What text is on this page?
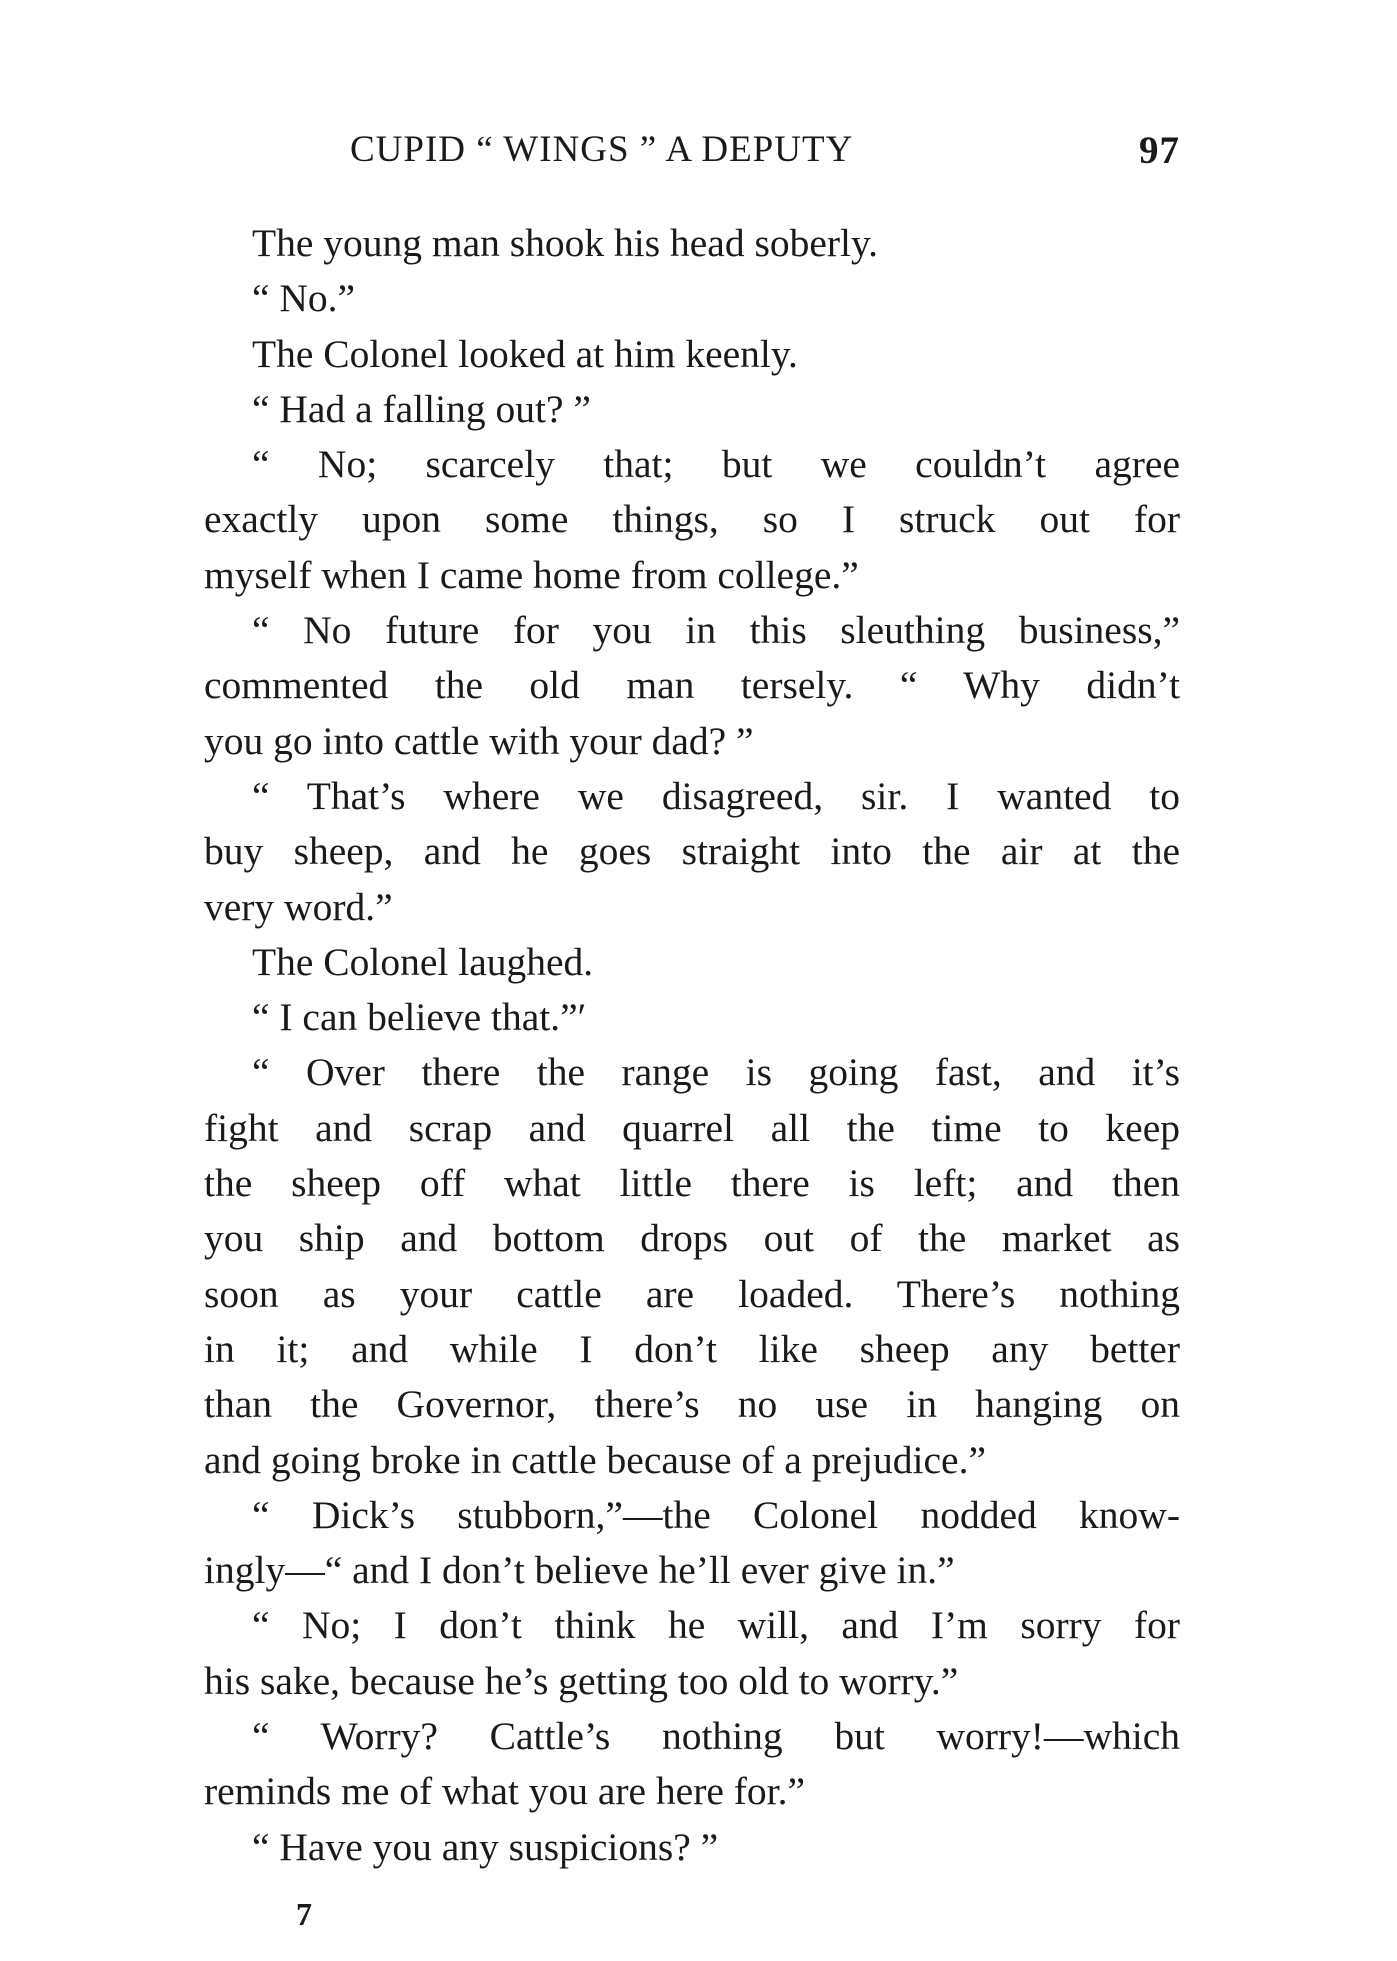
CUPID “ WINGS ” A DEPUTY	97
The young man shook his head soberly.
“ No.”
The Colonel looked at him keenly.
“ Had a falling out? ”
“ No; scarcely that; but we couldn’t agree
exactly upon some things, so I struck out for
myself when I came home from college.”
“ No future for you in this sleuthing business,”
commented the old man tersely. “ Why didn’t
you go into cattle with your dad? ”
“ That’s where we disagreed, sir. I wanted to
buy sheep, and he goes straight into the air at the
very word.”
The Colonel laughed.
“ I can believe that.”′
“ Over there the range is going fast, and it’s
fight and scrap and quarrel all the time to keep
the sheep off what little there is left; and then
you ship and bottom drops out of the market as
soon as your cattle are loaded. There’s nothing
in it; and while I don’t like sheep any better
than the Governor, there’s no use in hanging on
and going broke in cattle because of a prejudice.”
“ Dick’s stubborn,”—the Colonel nodded know-
ingly—“ and I don’t believe he’ll ever give in.”
“ No; I don’t think he will, and I’m sorry for
his sake, because he’s getting too old to worry.”
“ Worry? Cattle’s nothing but worry!—which
reminds me of what you are here for.”
“ Have you any suspicions? ”
7
